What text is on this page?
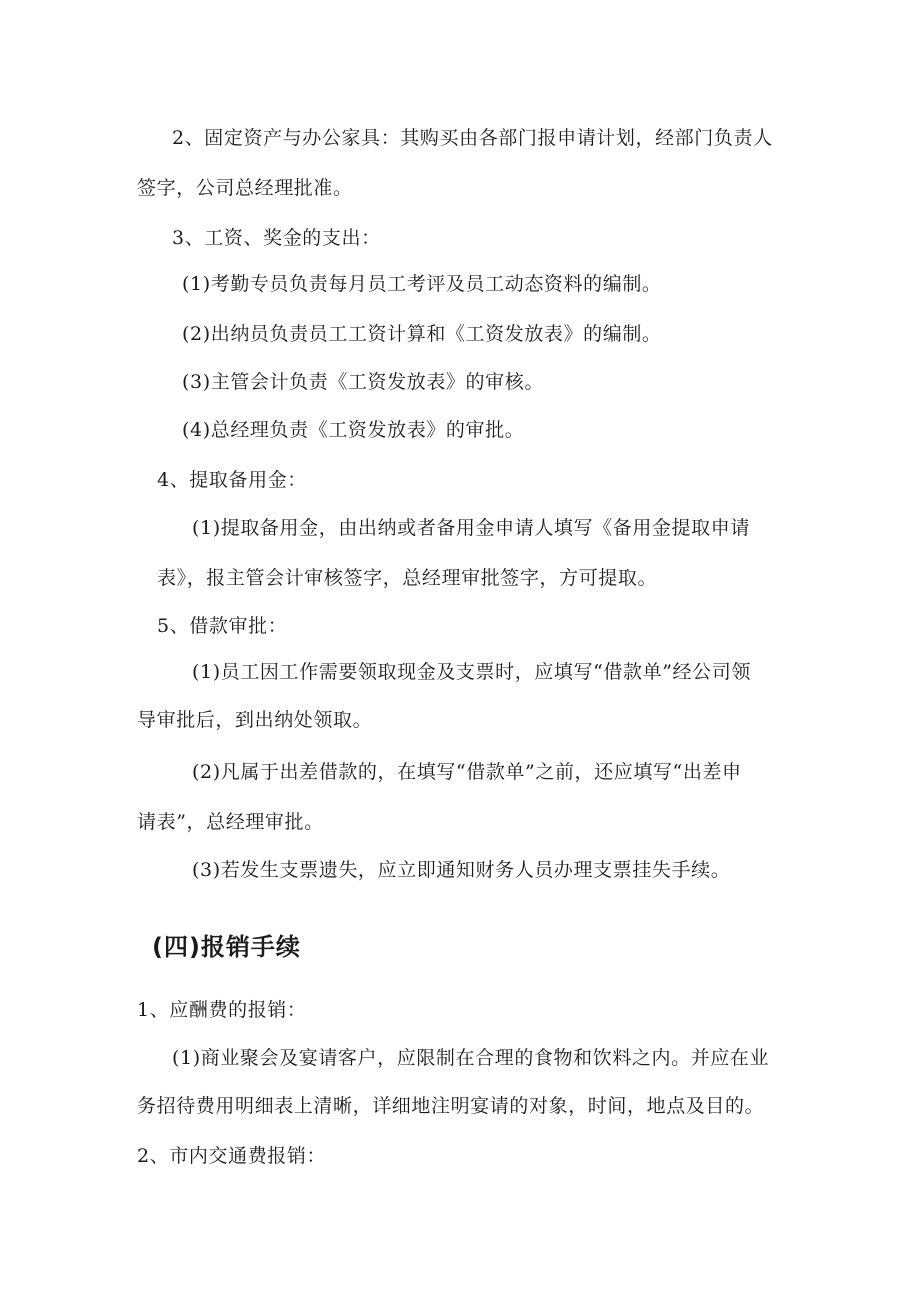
2、固定资产与办公家具：其购买由各部门报申请计划，经部门负责人
签字，公司总经理批准。
3、工资、奖金的支出：
(1)考勤专员负责每月员工考评及员工动态资料的编制。
(2)出纳员负责员工工资计算和《工资发放表》的编制。
(3)主管会计负责《工资发放表》的审核。
(4)总经理负责《工资发放表》的审批。
4、提取备用金：
(1)提取备用金，由出纳或者备用金申请人填写《备用金提取申请
表》，报主管会计审核签字，总经理审批签字，方可提取。
5、借款审批：
(1)员工因工作需要领取现金及支票时，应填写“借款单”经公司领
导审批后，到出纳处领取。
(2)凡属于出差借款的，在填写“借款单”之前，还应填写“出差申
请表”，总经理审批。
(3)若发生支票遗失，应立即通知财务人员办理支票挂失手续。
(四)报销手续
1、应酬费的报销：
(1)商业聚会及宴请客户，应限制在合理的食物和饮料之内。并应在业
务招待费用明细表上清晰，详细地注明宴请的对象，时间，地点及目的。
2、市内交通费报销：
